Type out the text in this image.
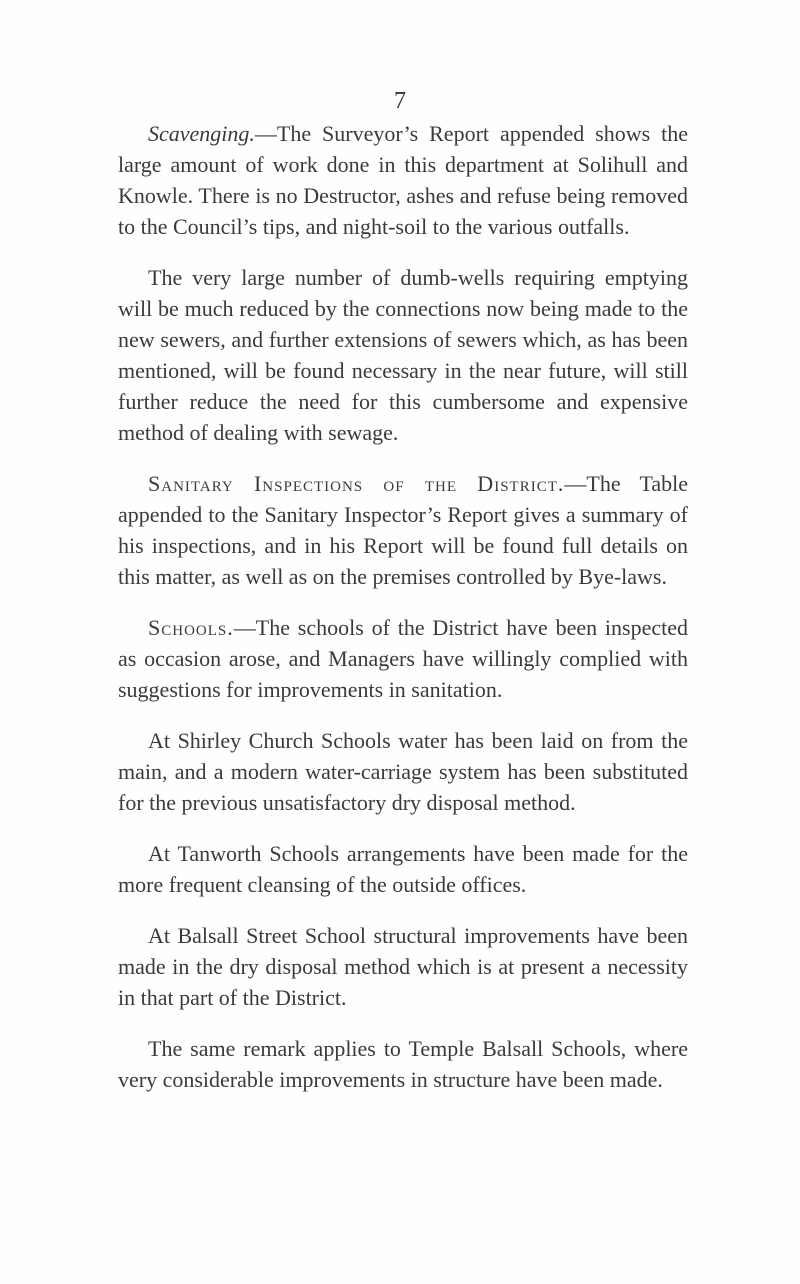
7

Scavenging.—The Surveyor’s Report appended shows the large amount of work done in this department at Solihull and Knowle. There is no Destructor, ashes and refuse being removed to the Council’s tips, and night-soil to the various outfalls.

The very large number of dumb-wells requiring emptying will be much reduced by the connections now being made to the new sewers, and further extensions of sewers which, as has been mentioned, will be found necessary in the near future, will still further reduce the need for this cumbersome and expensive method of dealing with sewage.

Sanitary Inspections of the District.—The Table appended to the Sanitary Inspector’s Report gives a summary of his inspections, and in his Report will be found full details on this matter, as well as on the premises controlled by Bye-laws.

Schools.—The schools of the District have been inspected as occasion arose, and Managers have willingly complied with suggestions for improvements in sanitation.

At Shirley Church Schools water has been laid on from the main, and a modern water-carriage system has been substituted for the previous unsatisfactory dry disposal method.

At Tanworth Schools arrangements have been made for the more frequent cleansing of the outside offices.

At Balsall Street School structural improvements have been made in the dry disposal method which is at present a necessity in that part of the District.

The same remark applies to Temple Balsall Schools, where very considerable improvements in structure have been made.
